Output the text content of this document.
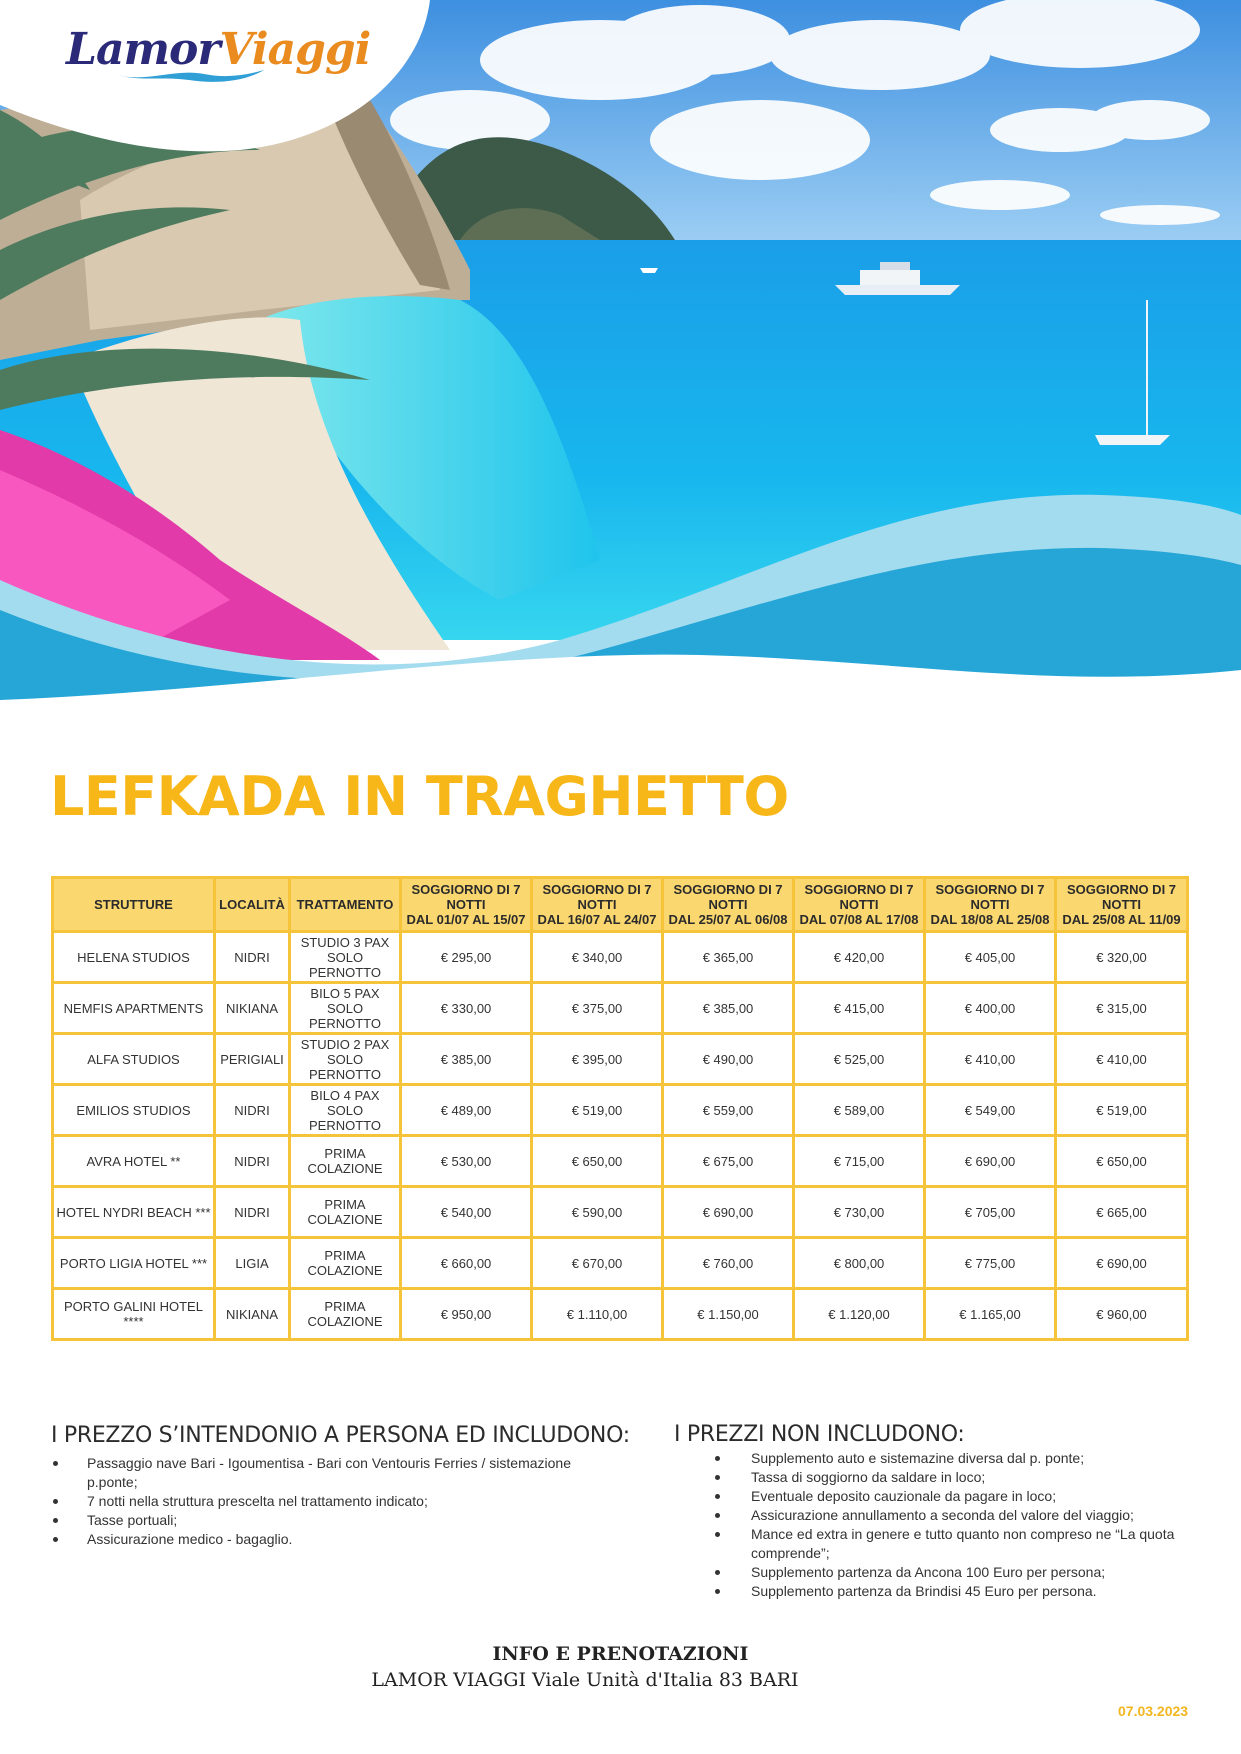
LamorViaggi
LEFKADA IN TRAGHETTO
STRUTTURE	LOCALITÀ	TRATTAMENTO	SOGGIORNO DI 7
NOTTI
DAL 01/07 AL 15/07	SOGGIORNO DI 7
NOTTI
DAL 16/07 AL 24/07	SOGGIORNO DI 7
NOTTI
DAL 25/07 AL 06/08	SOGGIORNO DI 7
NOTTI
DAL 07/08 AL 17/08	SOGGIORNO DI 7
NOTTI
DAL 18/08 AL 25/08	SOGGIORNO DI 7
NOTTI
DAL 25/08 AL 11/09

HELENA STUDIOS	NIDRI	STUDIO 3 PAX
SOLO
PERNOTTO	€ 295,00	€ 340,00	€ 365,00	€ 420,00	€ 405,00	€ 320,00
NEMFIS APARTMENTS	NIKIANA	BILO 5 PAX
SOLO
PERNOTTO	€ 330,00	€ 375,00	€ 385,00	€ 415,00	€ 400,00	€ 315,00
ALFA STUDIOS	PERIGIALI	STUDIO 2 PAX
SOLO
PERNOTTO	€ 385,00	€ 395,00	€ 490,00	€ 525,00	€ 410,00	€ 410,00
EMILIOS STUDIOS	NIDRI	BILO 4 PAX
SOLO
PERNOTTO	€ 489,00	€ 519,00	€ 559,00	€ 589,00	€ 549,00	€ 519,00
AVRA HOTEL **	NIDRI	PRIMA
COLAZIONE	€ 530,00	€ 650,00	€ 675,00	€ 715,00	€ 690,00	€ 650,00
HOTEL NYDRI BEACH ***	NIDRI	PRIMA
COLAZIONE	€ 540,00	€ 590,00	€ 690,00	€ 730,00	€ 705,00	€ 665,00
PORTO LIGIA HOTEL ***	LIGIA	PRIMA
COLAZIONE	€ 660,00	€ 670,00	€ 760,00	€ 800,00	€ 775,00	€ 690,00
PORTO GALINI HOTEL ****	NIKIANA	PRIMA
COLAZIONE	€ 950,00	€ 1.110,00	€ 1.150,00	€ 1.120,00	€ 1.165,00	€ 960,00
I PREZZO S’INTENDONIO A PERSONA ED INCLUDONO:
Passaggio nave Bari - Igoumentisa - Bari con Ventouris Ferries / sistemazione p.ponte;
7 notti nella struttura prescelta nel trattamento indicato;
Tasse portuali;
Assicurazione medico - bagaglio.
I PREZZI NON INCLUDONO:
Supplemento auto e sistemazine diversa dal p. ponte;
Tassa di soggiorno da saldare in loco;
Eventuale deposito cauzionale da pagare in loco;
Assicurazione annullamento a seconda del valore del viaggio;
Mance ed extra in genere e tutto quanto non compreso ne “La quota comprende”;
Supplemento partenza da Ancona 100 Euro per persona;
Supplemento partenza da Brindisi 45 Euro per persona.
INFO E PRENOTAZIONI
LAMOR VIAGGI Viale Unità d'Italia 83 BARI
07.03.2023
